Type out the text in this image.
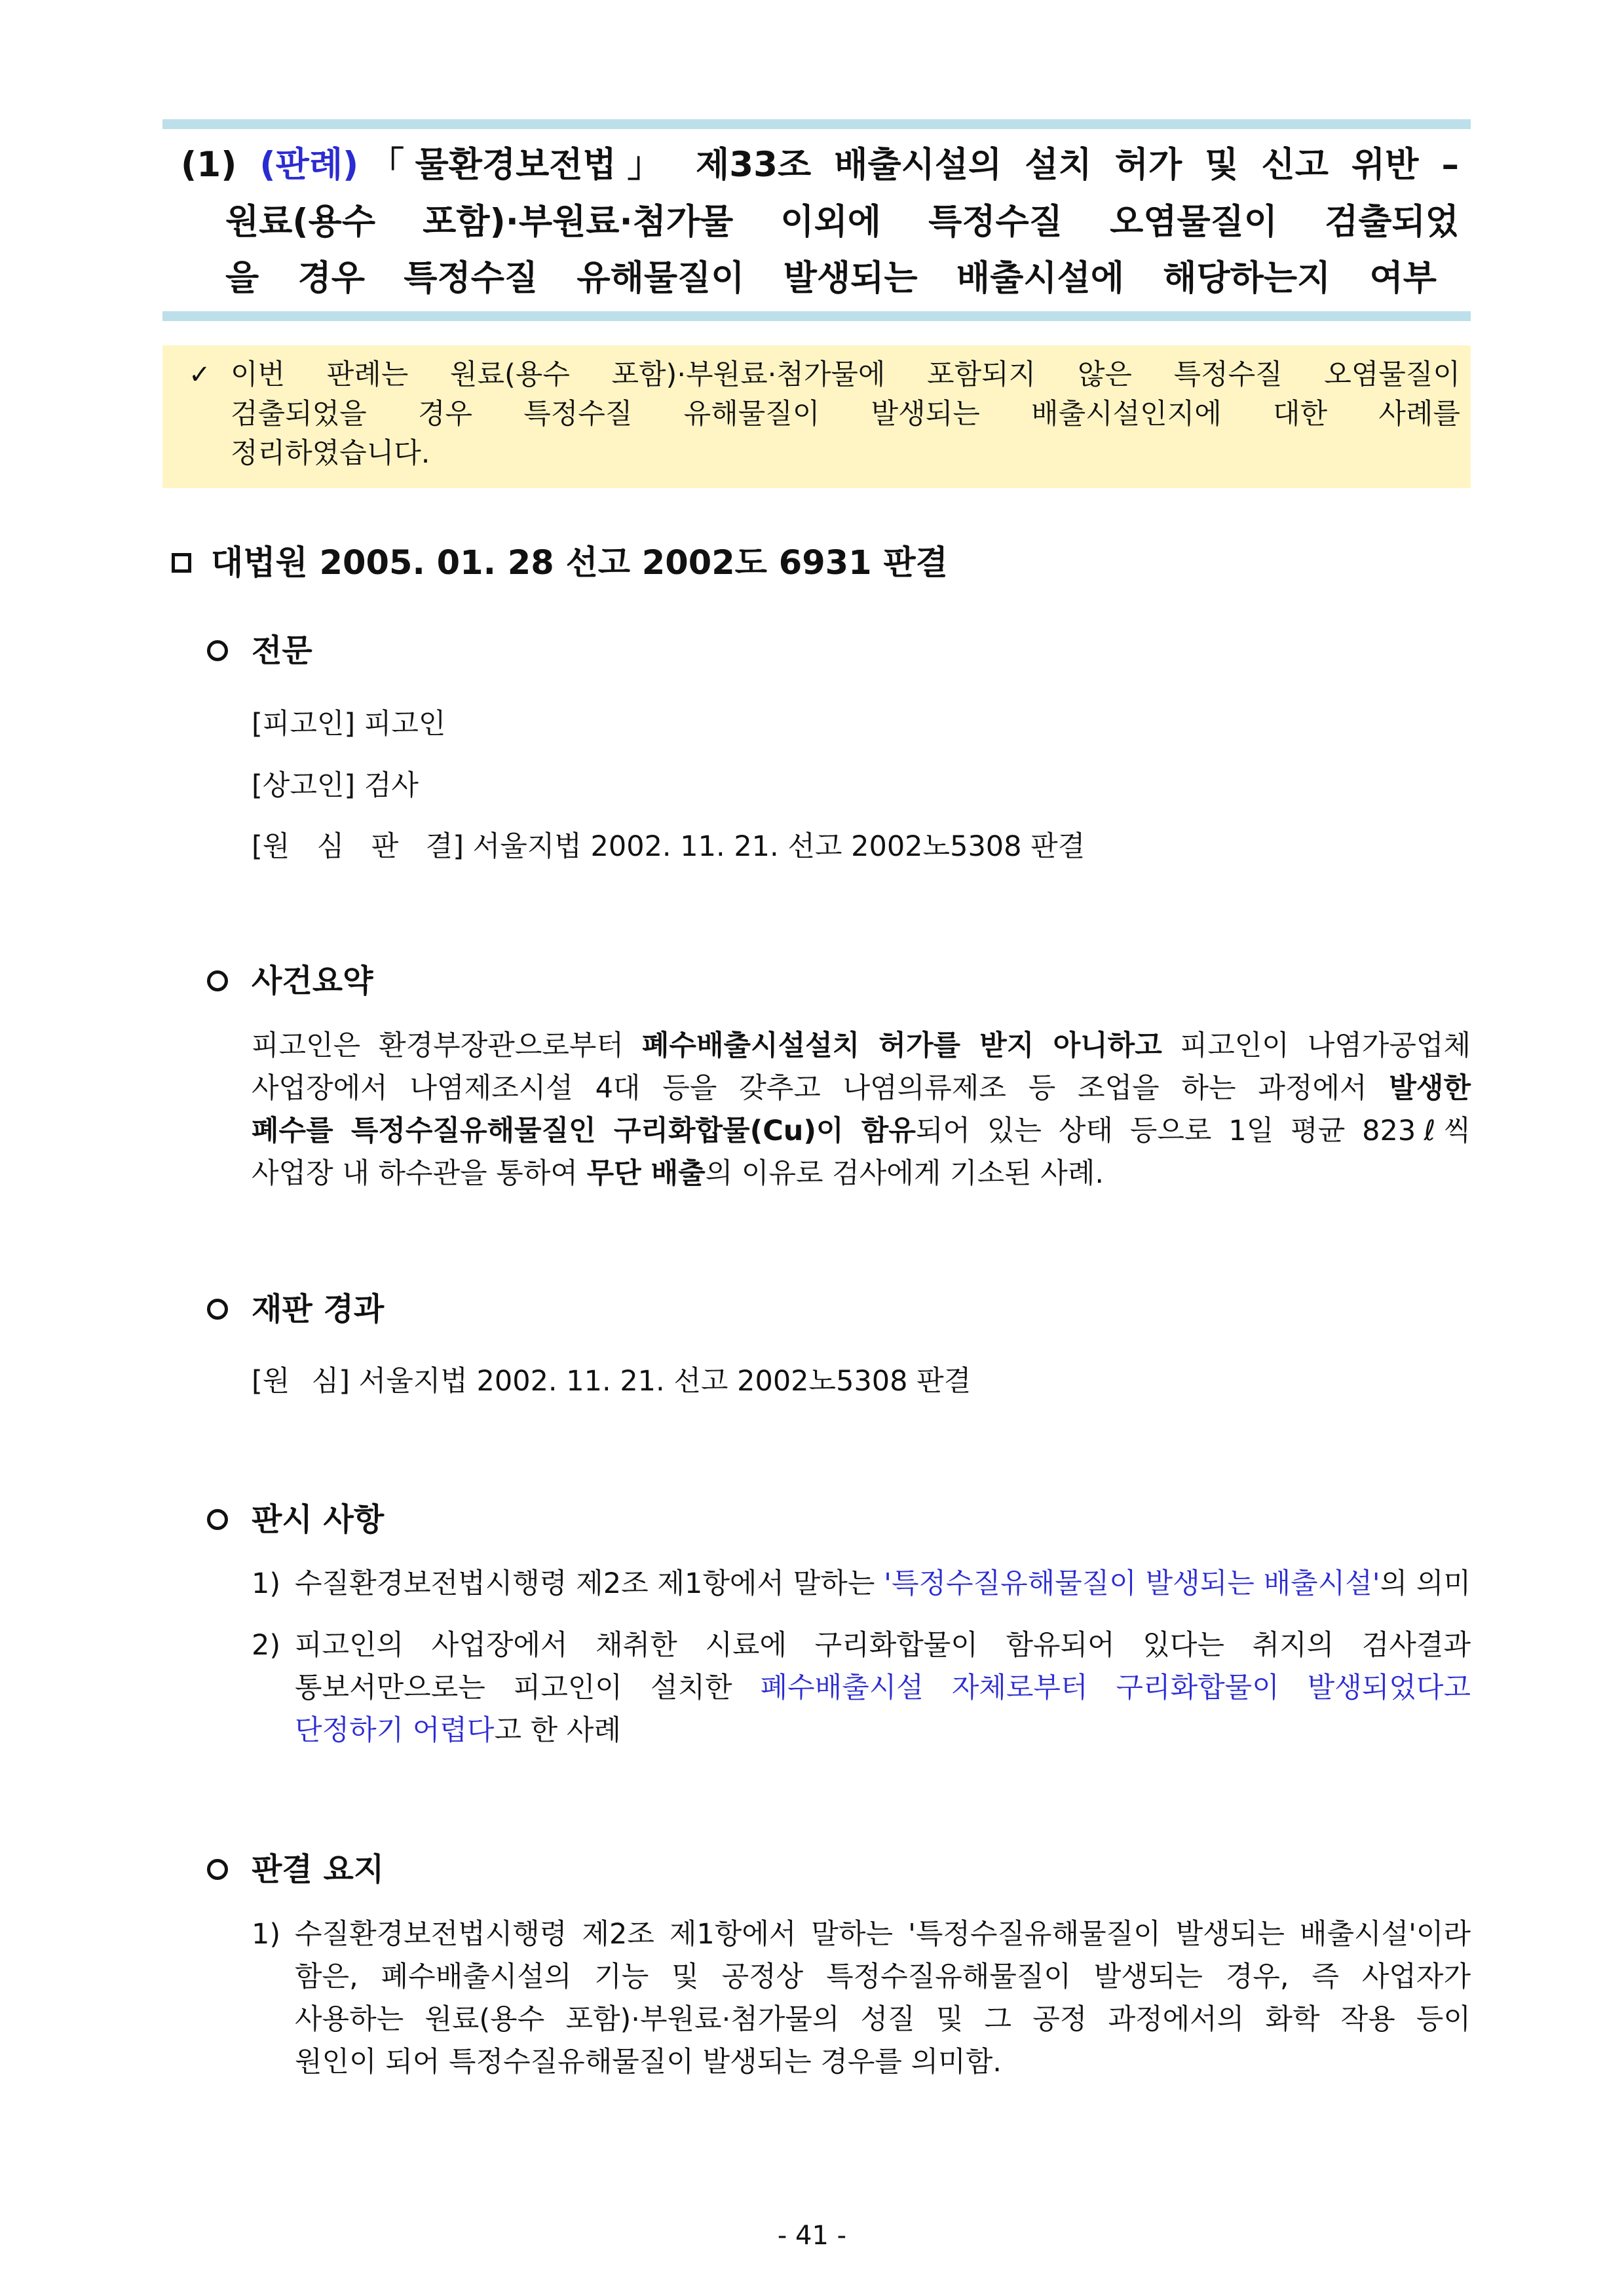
(1) (판례)「물환경보전법」 제33조 배출시설의 설치 허가 및 신고 위반 –
원료(용수 포함)·부원료·첨가물 이외에 특정수질 오염물질이 검출되었
을 경우 특정수질 유해물질이 발생되는 배출시설에 해당하는지 여부
✓ 이번 판례는 원료(용수 포함)·부원료·첨가물에 포함되지 않은 특정수질 오염물질이
검출되었을 경우 특정수질 유해물질이 발생되는 배출시설인지에 대한 사례를
정리하였습니다.
대법원 2005. 01. 28 선고 2002도 6931 판결
전문
[피고인] 피고인
[상고인] 검사
[원 심 판 결] 서울지법 2002. 11. 21. 선고 2002노5308 판결
사건요약
피고인은 환경부장관으로부터 폐수배출시설설치 허가를 받지 아니하고 피고인이 나염가공업체
사업장에서 나염제조시설 4대 등을 갖추고 나염의류제조 등 조업을 하는 과정에서 발생한
폐수를 특정수질유해물질인 구리화합물(Cu)이 함유되어 있는 상태 등으로 1일 평균 823ℓ씩
사업장 내 하수관을 통하여 무단 배출의 이유로 검사에게 기소된 사례.
재판 경과
[원 심] 서울지법 2002. 11. 21. 선고 2002노5308 판결
판시 사항
1) 수질환경보전법시행령 제2조 제1항에서 말하는 '특정수질유해물질이 발생되는 배출시설'의 의미
2) 피고인의 사업장에서 채취한 시료에 구리화합물이 함유되어 있다는 취지의 검사결과
통보서만으로는 피고인이 설치한 폐수배출시설 자체로부터 구리화합물이 발생되었다고
단정하기 어렵다고 한 사례
판결 요지
1) 수질환경보전법시행령 제2조 제1항에서 말하는 '특정수질유해물질이 발생되는 배출시설'이라
함은, 폐수배출시설의 기능 및 공정상 특정수질유해물질이 발생되는 경우, 즉 사업자가
사용하는 원료(용수 포함)·부원료·첨가물의 성질 및 그 공정 과정에서의 화학 작용 등이
원인이 되어 특정수질유해물질이 발생되는 경우를 의미함.
- 41 -
